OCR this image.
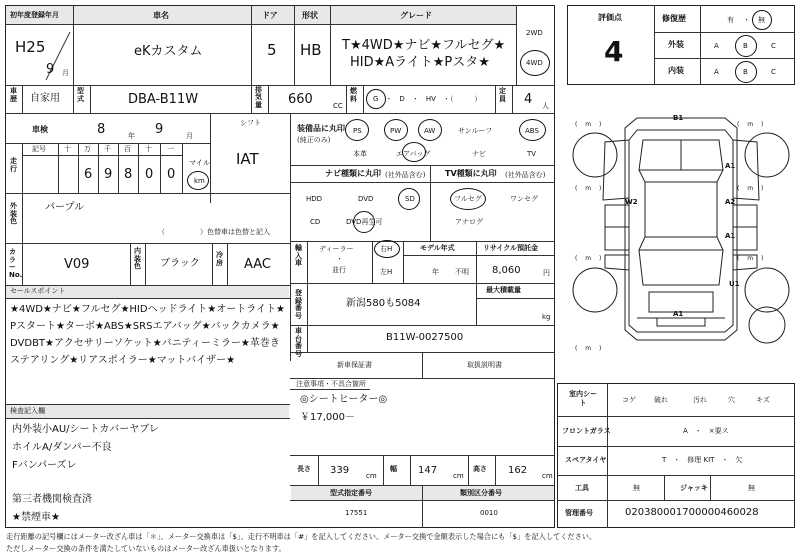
初年度登録年月	車名	ドア	形状	グレード
2WD
4WD
H25
9 月
eKカスタム	5 HB T★4WD★ナビ★フルセグ★
HID★Aライト★Pスタ★
車歴 自家用
型式	DBA-B11W
排気量 660	CC
燃料 G　・　D　・　HV　・（　　　）
定員 4 人
車検	8	年 9	月
シフト
IAT
走行
記号	十 万 千 百 十 一
6 9 8 0 0
マイル
km
外装色
パープル
（　　　　　）色替車は色替と記入
カラーNo.
V09
内装色 ブラック
冷房 AAC
セールスポイント
★4WD★ナビ★フルセグ★HIDヘッドライト★オートライト★
Pスタート★ターボ★ABS★SRSエアバッグ★バックカメラ★
DVDBT★アクセサリーソケット★バニティーミラー★革巻き
ステアリング★リアスポイラー★マットバイザー★
検査記入欄
内外装小AU/シートカバーヤブレ
ホイルA/ダンパー不良
Fバンパーズレ
第三者機関検査済
★禁煙車★
装備品に丸印
(純正のみ)
PS	PW	AW	サンルーフ	ABS
本革	エアバッグ	ナビ	TV
ナビ種類に丸印 (社外品含む)
HDD	DVD	SD
CD	DVD再生可
TV種類に丸印 (社外品含む)
フルセグ	ワンセグ
アナログ
輸入車
ディーラー
・
並行
右H
左H
モデル年式
年 不明
リサイクル預託金
8,060	円
登録番号
新潟580も5084
最大積載量
kg
車台番号
B11W-0027500
新車保証書	取扱説明書
注意事項・不具合箇所
◎シートヒーター◎
￥17,000－
長さ 339 cm
幅 147 cm
高さ 162 cm
型式指定番号
17551
類別区分番号
0010
評価点
4
修復歴	有 ・ 無
外装	A	B	C
内装	A	B	C
( 　m 　)	( 　m 　)
( 　m 　)	( 　m 　)
( 　m 　)	( 　m 　)
( 　m 　)
B1
A1
W2	A2
A1
U1
A1
室内シート	コゲ	破れ	汚れ	穴	キズ
フロントガラス	A　・　×要ス
スペアタイヤ	T　・　修理 KIT　・　欠
工具	無	ジャッキ	無
管理番号	020380001700000460028
走行距離の記号欄にはメーター改ざん車は「＊」、メーター交換車は「$」、走行不明車は「#」を記入してください。メーター交換で金額表示した場合にも「$」を記入してください。
ただしメーター交換の条件を満たしていないものはメーター改ざん車扱いとなります。
